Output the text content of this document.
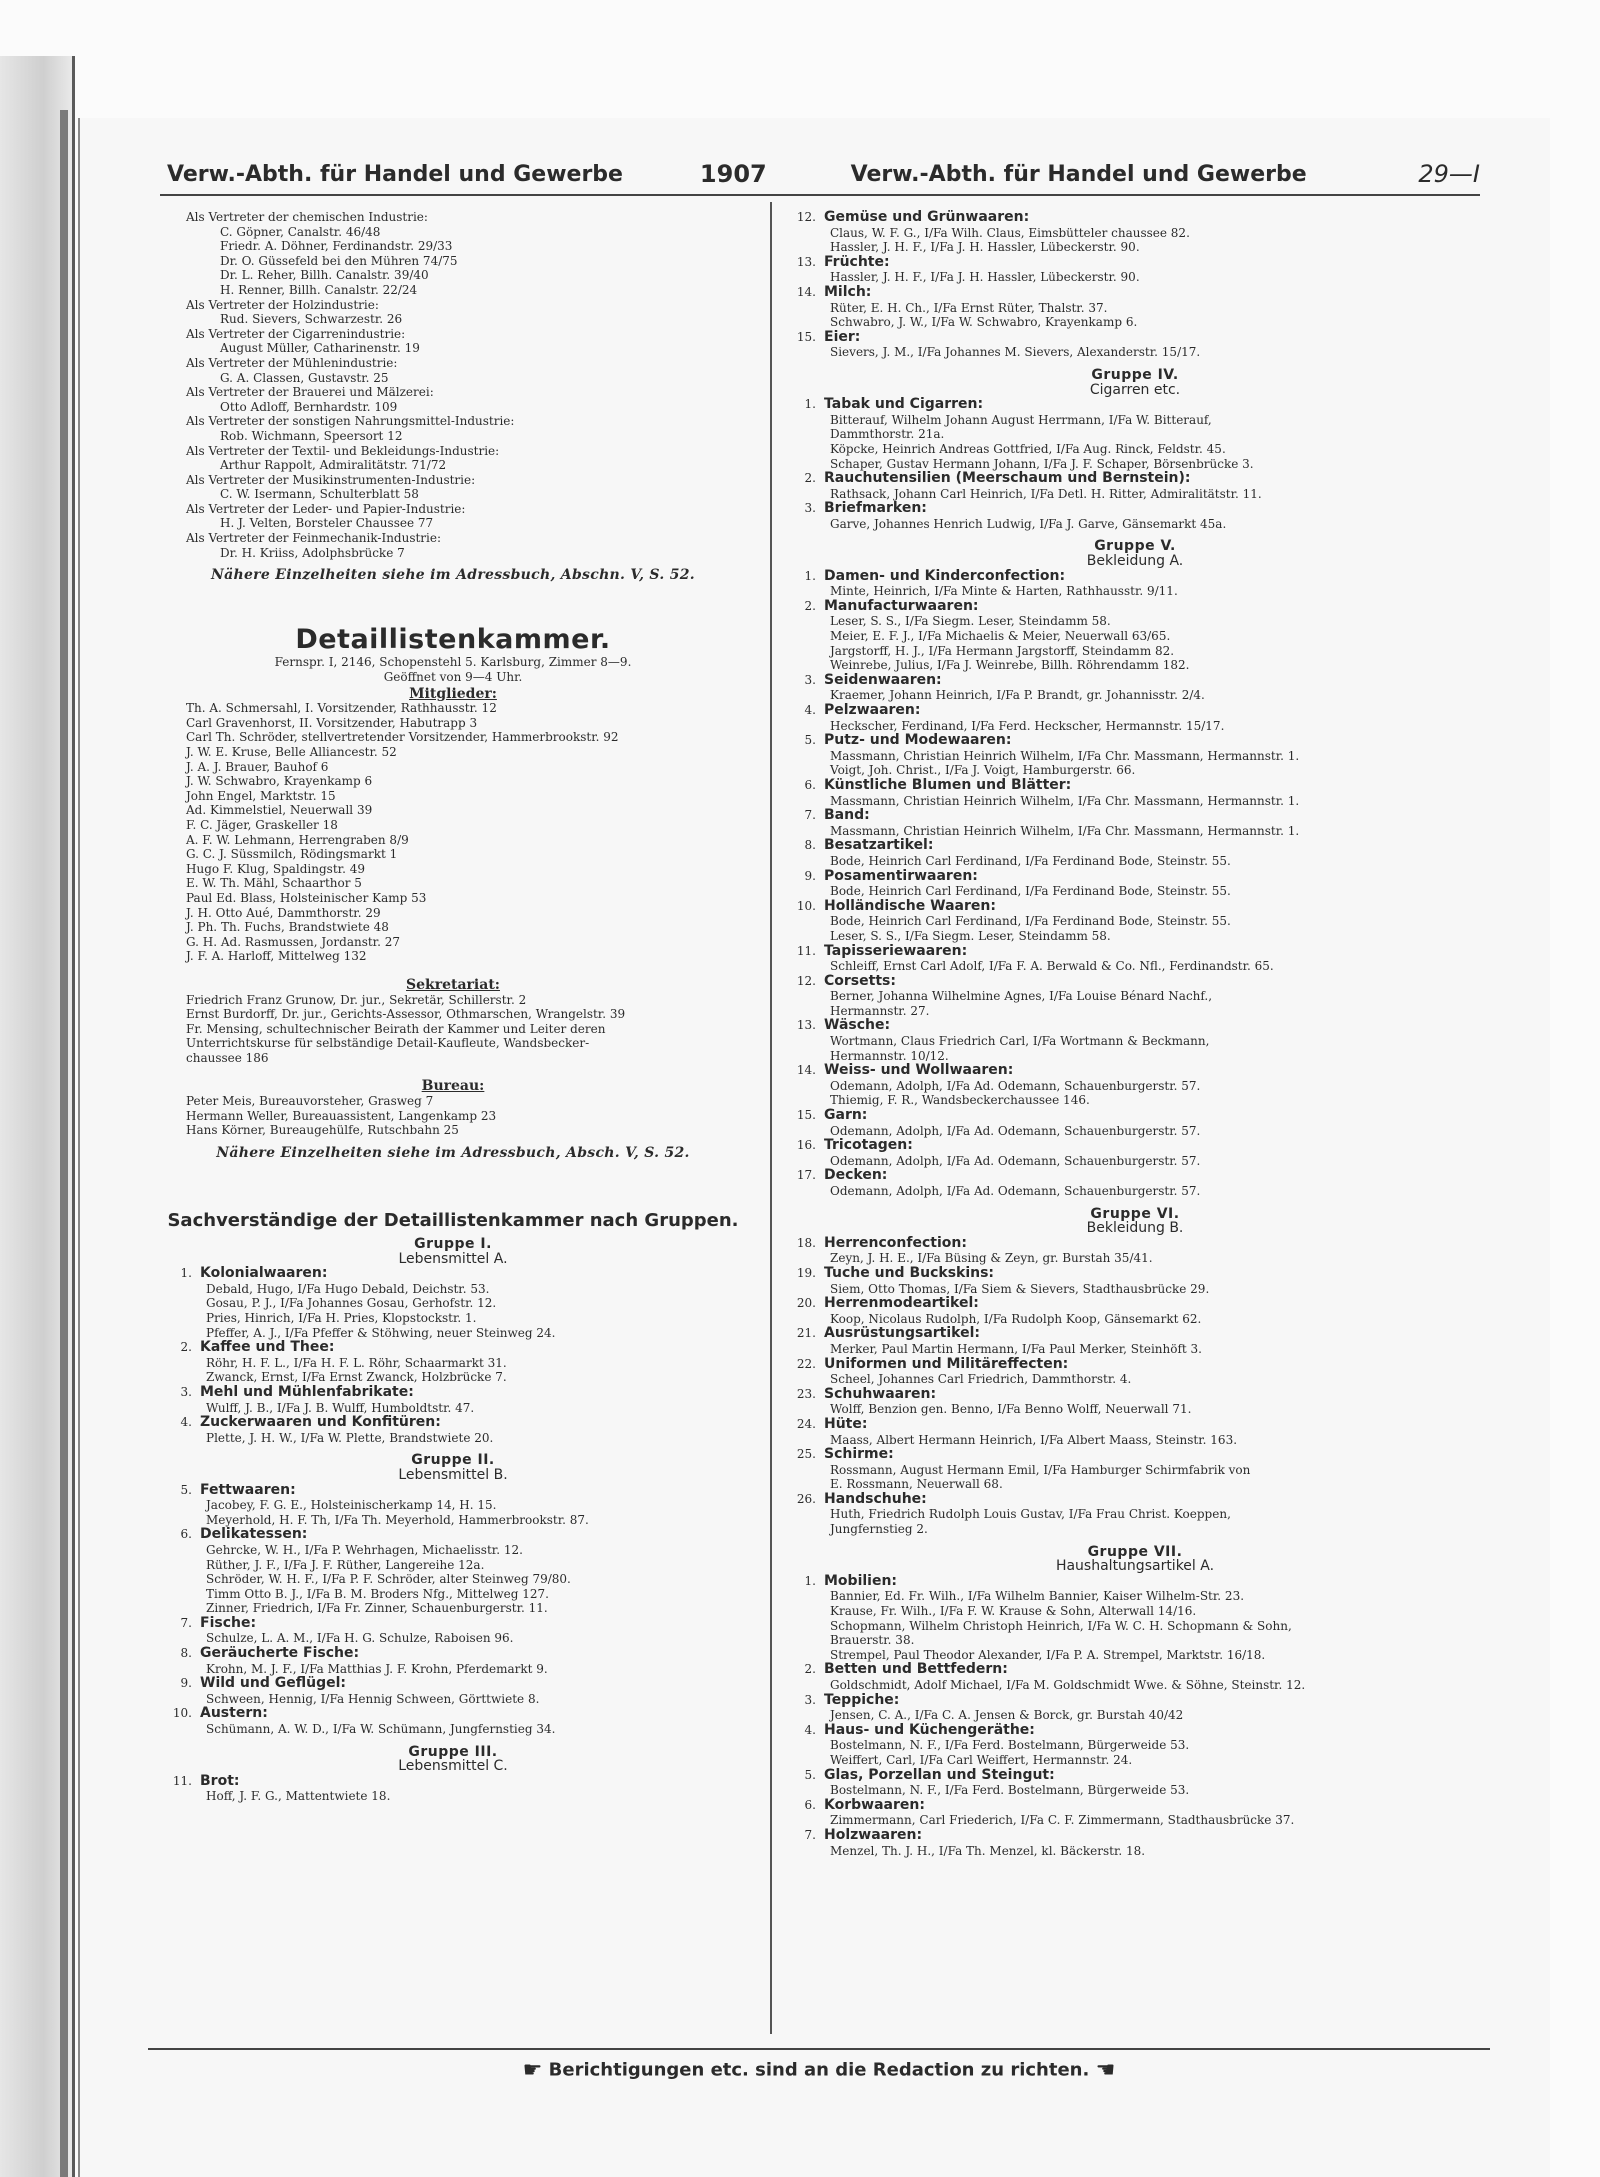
Verw.-Abth. für Handel und Gewerbe	1907	Verw.-Abth. für Handel und Gewerbe	29—I
Als Vertreter der chemischen Industrie:
C. Göpner, Canalstr. 46/48
Friedr. A. Döhner, Ferdinandstr. 29/33
Dr. O. Güssefeld bei den Mühren 74/75
Dr. L. Reher, Billh. Canalstr. 39/40
H. Renner, Billh. Canalstr. 22/24
Als Vertreter der Holzindustrie:
Rud. Sievers, Schwarzestr. 26
Als Vertreter der Cigarrenindustrie:
August Müller, Catharinenstr. 19
Als Vertreter der Mühlenindustrie:
G. A. Classen, Gustavstr. 25
Als Vertreter der Brauerei und Mälzerei:
Otto Adloff, Bernhardstr. 109
Als Vertreter der sonstigen Nahrungsmittel-Industrie:
Rob. Wichmann, Speersort 12
Als Vertreter der Textil- und Bekleidungs-Industrie:
Arthur Rappolt, Admiralitätstr. 71/72
Als Vertreter der Musikinstrumenten-Industrie:
C. W. Isermann, Schulterblatt 58
Als Vertreter der Leder- und Papier-Industrie:
H. J. Velten, Borsteler Chaussee 77
Als Vertreter der Feinmechanik-Industrie:
Dr. H. Kriiss, Adolphsbrücke 7
Nähere Einzelheiten siehe im Adressbuch, Abschn. V, S. 52.
Detaillistenkammer.
Fernspr. I, 2146, Schopenstehl 5. Karlsburg, Zimmer 8—9.
Geöffnet von 9—4 Uhr.
Mitglieder:
Th. A. Schmersahl, I. Vorsitzender, Rathhausstr. 12
Carl Gravenhorst, II. Vorsitzender, Habutrapp 3
Carl Th. Schröder, stellvertretender Vorsitzender, Hammerbrookstr. 92
J. W. E. Kruse, Belle Alliancestr. 52
J. A. J. Brauer, Bauhof 6
J. W. Schwabro, Krayenkamp 6
John Engel, Marktstr. 15
Ad. Kimmelstiel, Neuerwall 39
F. C. Jäger, Graskeller 18
A. F. W. Lehmann, Herrengraben 8/9
G. C. J. Süssmilch, Rödingsmarkt 1
Hugo F. Klug, Spaldingstr. 49
E. W. Th. Mähl, Schaarthor 5
Paul Ed. Blass, Holsteinischer Kamp 53
J. H. Otto Aué, Dammthorstr. 29
J. Ph. Th. Fuchs, Brandstwiete 48
G. H. Ad. Rasmussen, Jordanstr. 27
J. F. A. Harloff, Mittelweg 132
Sekretariat:
Friedrich Franz Grunow, Dr. jur., Sekretär, Schillerstr. 2
Ernst Burdorff, Dr. jur., Gerichts-Assessor, Othmarschen, Wrangelstr. 39
Fr. Mensing, schultechnischer Beirath der Kammer und Leiter deren
Unterrichtskurse für selbständige Detail-Kaufleute, Wandsbecker-
chaussee 186
Bureau:
Peter Meis, Bureauvorsteher, Grasweg 7
Hermann Weller, Bureauassistent, Langenkamp 23
Hans Körner, Bureaugehülfe, Rutschbahn 25
Nähere Einzelheiten siehe im Adressbuch, Absch. V, S. 52.
Sachverständige der Detaillistenkammer nach Gruppen.
Gruppe I.
Lebensmittel A.
1. Kolonialwaaren:
Debald, Hugo, I/Fa Hugo Debald, Deichstr. 53.
Gosau, P. J., I/Fa Johannes Gosau, Gerhofstr. 12.
Pries, Hinrich, I/Fa H. Pries, Klopstockstr. 1.
Pfeffer, A. J., I/Fa Pfeffer & Stöhwing, neuer Steinweg 24.
2. Kaffee und Thee:
Röhr, H. F. L., I/Fa H. F. L. Röhr, Schaarmarkt 31.
Zwanck, Ernst, I/Fa Ernst Zwanck, Holzbrücke 7.
3. Mehl und Mühlenfabrikate:
Wulff, J. B., I/Fa J. B. Wulff, Humboldtstr. 47.
4. Zuckerwaaren und Konfitüren:
Plette, J. H. W., I/Fa W. Plette, Brandstwiete 20.
Gruppe II.
Lebensmittel B.
5. Fettwaaren:
Jacobey, F. G. E., Holsteinischerkamp 14, H. 15.
Meyerhold, H. F. Th, I/Fa Th. Meyerhold, Hammerbrookstr. 87.
6. Delikatessen:
Gehrcke, W. H., I/Fa P. Wehrhagen, Michaelisstr. 12.
Rüther, J. F., I/Fa J. F. Rüther, Langereihe 12a.
Schröder, W. H. F., I/Fa P. F. Schröder, alter Steinweg 79/80.
Timm Otto B. J., I/Fa B. M. Broders Nfg., Mittelweg 127.
Zinner, Friedrich, I/Fa Fr. Zinner, Schauenburgerstr. 11.
7. Fische:
Schulze, L. A. M., I/Fa H. G. Schulze, Raboisen 96.
8. Geräucherte Fische:
Krohn, M. J. F., I/Fa Matthias J. F. Krohn, Pferdemarkt 9.
9. Wild und Geflügel:
Schween, Hennig, I/Fa Hennig Schween, Görttwiete 8.
10. Austern:
Schümann, A. W. D., I/Fa W. Schümann, Jungfernstieg 34.
Gruppe III.
Lebensmittel C.
11. Brot:
Hoff, J. F. G., Mattentwiete 18.
12. Gemüse und Grünwaaren:
Claus, W. F. G., I/Fa Wilh. Claus, Eimsbütteler chaussee 82.
Hassler, J. H. F., I/Fa J. H. Hassler, Lübeckerstr. 90.
13. Früchte:
Hassler, J. H. F., I/Fa J. H. Hassler, Lübeckerstr. 90.
14. Milch:
Rüter, E. H. Ch., I/Fa Ernst Rüter, Thalstr. 37.
Schwabro, J. W., I/Fa W. Schwabro, Krayenkamp 6.
15. Eier:
Sievers, J. M., I/Fa Johannes M. Sievers, Alexanderstr. 15/17.
Gruppe IV.
Cigarren etc.
1. Tabak und Cigarren:
Bitterauf, Wilhelm Johann August Herrmann, I/Fa W. Bitterauf,
Dammthorstr. 21a.
Köpcke, Heinrich Andreas Gottfried, I/Fa Aug. Rinck, Feldstr. 45.
Schaper, Gustav Hermann Johann, I/Fa J. F. Schaper, Börsenbrücke 3.
2. Rauchutensilien (Meerschaum und Bernstein):
Rathsack, Johann Carl Heinrich, I/Fa Detl. H. Ritter, Admiralitätstr. 11.
3. Briefmarken:
Garve, Johannes Henrich Ludwig, I/Fa J. Garve, Gänsemarkt 45a.
Gruppe V.
Bekleidung A.
1. Damen- und Kinderconfection:
Minte, Heinrich, I/Fa Minte & Harten, Rathhausstr. 9/11.
2. Manufacturwaaren:
Leser, S. S., I/Fa Siegm. Leser, Steindamm 58.
Meier, E. F. J., I/Fa Michaelis & Meier, Neuerwall 63/65.
Jargstorff, H. J., I/Fa Hermann Jargstorff, Steindamm 82.
Weinrebe, Julius, I/Fa J. Weinrebe, Billh. Röhrendamm 182.
3. Seidenwaaren:
Kraemer, Johann Heinrich, I/Fa P. Brandt, gr. Johannisstr. 2/4.
4. Pelzwaaren:
Heckscher, Ferdinand, I/Fa Ferd. Heckscher, Hermannstr. 15/17.
5. Putz- und Modewaaren:
Massmann, Christian Heinrich Wilhelm, I/Fa Chr. Massmann, Hermannstr. 1.
Voigt, Joh. Christ., I/Fa J. Voigt, Hamburgerstr. 66.
6. Künstliche Blumen und Blätter:
Massmann, Christian Heinrich Wilhelm, I/Fa Chr. Massmann, Hermannstr. 1.
7. Band:
Massmann, Christian Heinrich Wilhelm, I/Fa Chr. Massmann, Hermannstr. 1.
8. Besatzartikel:
Bode, Heinrich Carl Ferdinand, I/Fa Ferdinand Bode, Steinstr. 55.
9. Posamentirwaaren:
Bode, Heinrich Carl Ferdinand, I/Fa Ferdinand Bode, Steinstr. 55.
10. Holländische Waaren:
Bode, Heinrich Carl Ferdinand, I/Fa Ferdinand Bode, Steinstr. 55.
Leser, S. S., I/Fa Siegm. Leser, Steindamm 58.
11. Tapisseriewaaren:
Schleiff, Ernst Carl Adolf, I/Fa F. A. Berwald & Co. Nfl., Ferdinandstr. 65.
12. Corsetts:
Berner, Johanna Wilhelmine Agnes, I/Fa Louise Bénard Nachf.,
Hermannstr. 27.
13. Wäsche:
Wortmann, Claus Friedrich Carl, I/Fa Wortmann & Beckmann,
Hermannstr. 10/12.
14. Weiss- und Wollwaaren:
Odemann, Adolph, I/Fa Ad. Odemann, Schauenburgerstr. 57.
Thiemig, F. R., Wandsbeckerchaussee 146.
15. Garn:
Odemann, Adolph, I/Fa Ad. Odemann, Schauenburgerstr. 57.
16. Tricotagen:
Odemann, Adolph, I/Fa Ad. Odemann, Schauenburgerstr. 57.
17. Decken:
Odemann, Adolph, I/Fa Ad. Odemann, Schauenburgerstr. 57.
Gruppe VI.
Bekleidung B.
18. Herrenconfection:
Zeyn, J. H. E., I/Fa Büsing & Zeyn, gr. Burstah 35/41.
19. Tuche und Buckskins:
Siem, Otto Thomas, I/Fa Siem & Sievers, Stadthausbrücke 29.
20. Herrenmodeartikel:
Koop, Nicolaus Rudolph, I/Fa Rudolph Koop, Gänsemarkt 62.
21. Ausrüstungsartikel:
Merker, Paul Martin Hermann, I/Fa Paul Merker, Steinhöft 3.
22. Uniformen und Militäreffecten:
Scheel, Johannes Carl Friedrich, Dammthorstr. 4.
23. Schuhwaaren:
Wolff, Benzion gen. Benno, I/Fa Benno Wolff, Neuerwall 71.
24. Hüte:
Maass, Albert Hermann Heinrich, I/Fa Albert Maass, Steinstr. 163.
25. Schirme:
Rossmann, August Hermann Emil, I/Fa Hamburger Schirmfabrik von
E. Rossmann, Neuerwall 68.
26. Handschuhe:
Huth, Friedrich Rudolph Louis Gustav, I/Fa Frau Christ. Koeppen,
Jungfernstieg 2.
Gruppe VII.
Haushaltungsartikel A.
1. Mobilien:
Bannier, Ed. Fr. Wilh., I/Fa Wilhelm Bannier, Kaiser Wilhelm-Str. 23.
Krause, Fr. Wilh., I/Fa F. W. Krause & Sohn, Alterwall 14/16.
Schopmann, Wilhelm Christoph Heinrich, I/Fa W. C. H. Schopmann & Sohn,
Brauerstr. 38.
Strempel, Paul Theodor Alexander, I/Fa P. A. Strempel, Marktstr. 16/18.
2. Betten und Bettfedern:
Goldschmidt, Adolf Michael, I/Fa M. Goldschmidt Wwe. & Söhne, Steinstr. 12.
3. Teppiche:
Jensen, C. A., I/Fa C. A. Jensen & Borck, gr. Burstah 40/42
4. Haus- und Küchengeräthe:
Bostelmann, N. F., I/Fa Ferd. Bostelmann, Bürgerweide 53.
Weiffert, Carl, I/Fa Carl Weiffert, Hermannstr. 24.
5. Glas, Porzellan und Steingut:
Bostelmann, N. F., I/Fa Ferd. Bostelmann, Bürgerweide 53.
6. Korbwaaren:
Zimmermann, Carl Friederich, I/Fa C. F. Zimmermann, Stadthausbrücke 37.
7. Holzwaaren:
Menzel, Th. J. H., I/Fa Th. Menzel, kl. Bäckerstr. 18.
☛ Berichtigungen etc. sind an die Redaction zu richten. ☚
